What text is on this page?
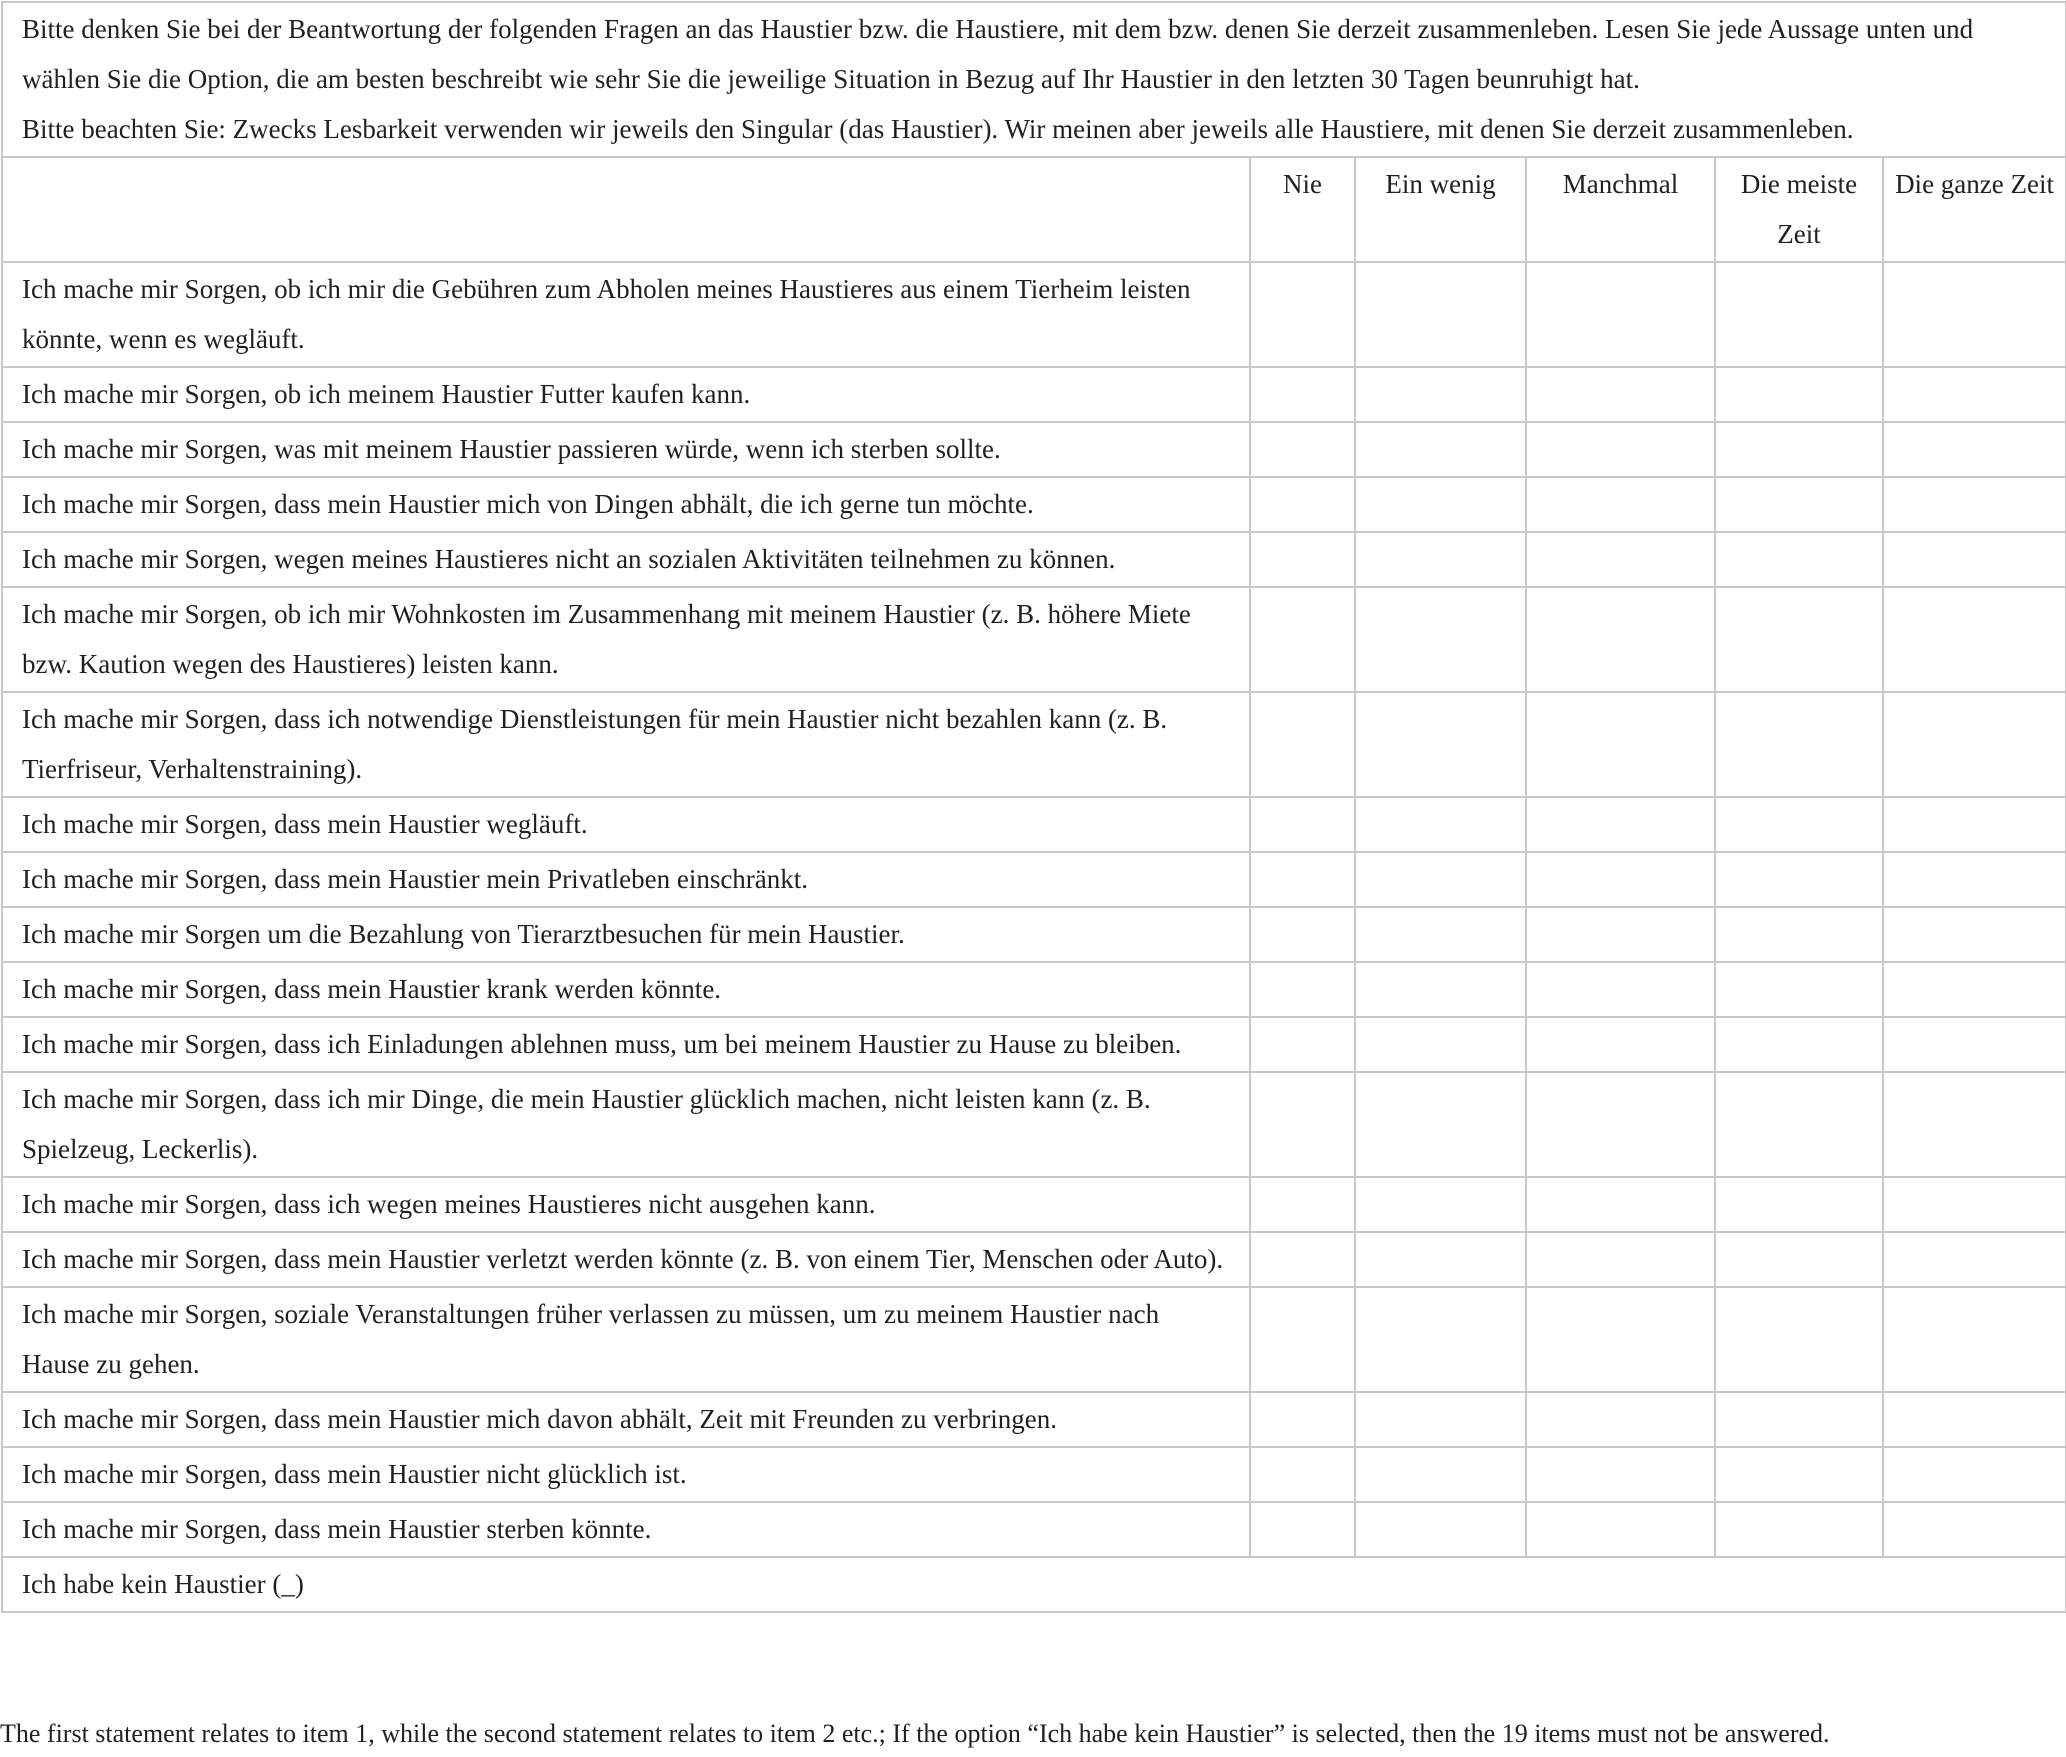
Bitte denken Sie bei der Beantwortung der folgenden Fragen an das Haustier bzw. die Haustiere, mit dem bzw. denen Sie derzeit zusammenleben. Lesen Sie jede Aussage unten und wählen Sie die Option, die am besten beschreibt wie sehr Sie die jeweilige Situation in Bezug auf Ihr Haustier in den letzten 30 Tagen beunruhigt hat.
Bitte beachten Sie: Zwecks Lesbarkeit verwenden wir jeweils den Singular (das Haustier). Wir meinen aber jeweils alle Haustiere, mit denen Sie derzeit zusammenleben.					

	Nie	Ein wenig	Manchmal	Die meiste Zeit	Die ganze Zeit
Ich mache mir Sorgen, ob ich mir die Gebühren zum Abholen meines Haustieres aus einem Tierheim leisten könnte, wenn es wegläuft.					
Ich mache mir Sorgen, ob ich meinem Haustier Futter kaufen kann.					
Ich mache mir Sorgen, was mit meinem Haustier passieren würde, wenn ich sterben sollte.					
Ich mache mir Sorgen, dass mein Haustier mich von Dingen abhält, die ich gerne tun möchte.					
Ich mache mir Sorgen, wegen meines Haustieres nicht an sozialen Aktivitäten teilnehmen zu können.					
Ich mache mir Sorgen, ob ich mir Wohnkosten im Zusammenhang mit meinem Haustier (z. B. höhere Miete bzw. Kaution wegen des Haustieres) leisten kann.					
Ich mache mir Sorgen, dass ich notwendige Dienstleistungen für mein Haustier nicht bezahlen kann (z. B. Tierfriseur, Verhaltenstraining).					
Ich mache mir Sorgen, dass mein Haustier wegläuft.					
Ich mache mir Sorgen, dass mein Haustier mein Privatleben einschränkt.					
Ich mache mir Sorgen um die Bezahlung von Tierarztbesuchen für mein Haustier.					
Ich mache mir Sorgen, dass mein Haustier krank werden könnte.					
Ich mache mir Sorgen, dass ich Einladungen ablehnen muss, um bei meinem Haustier zu Hause zu bleiben.					
Ich mache mir Sorgen, dass ich mir Dinge, die mein Haustier glücklich machen, nicht leisten kann (z. B. Spielzeug, Leckerlis).					
Ich mache mir Sorgen, dass ich wegen meines Haustieres nicht ausgehen kann.					
Ich mache mir Sorgen, dass mein Haustier verletzt werden könnte (z. B. von einem Tier, Menschen oder Auto).					
Ich mache mir Sorgen, soziale Veranstaltungen früher verlassen zu müssen, um zu meinem Haustier nach Hause zu gehen.					
Ich mache mir Sorgen, dass mein Haustier mich davon abhält, Zeit mit Freunden zu verbringen.					
Ich mache mir Sorgen, dass mein Haustier nicht glücklich ist.					
Ich mache mir Sorgen, dass mein Haustier sterben könnte.					
Ich habe kein Haustier (_)					
The first statement relates to item 1, while the second statement relates to item 2 etc.; If the option “Ich habe kein Haustier” is selected, then the 19 items must not be answered.
